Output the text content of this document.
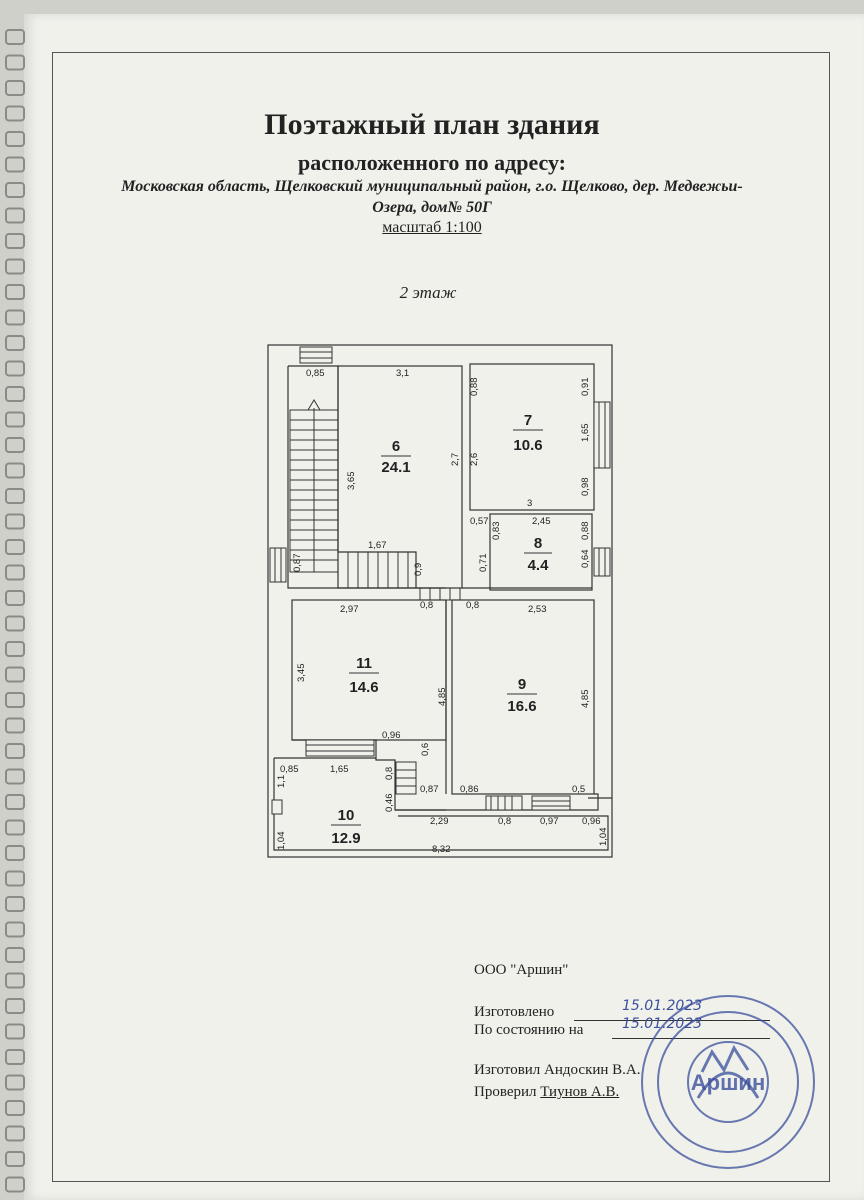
Поэтажный план здания
расположенного по адресу:
Московская область, Щелковский муниципальный район, г.о. Щелково, дер. Медвежьи-Озера, дом№ 50Г
масштаб 1:100
2 этаж
6
24.1
7
10.6
8
4.4
9
16.6
10
12.9
11
14.6
0,85	3,1
0,88	0,91
3,65
2,7 2,6
1,65
0,98
3
0,57 0,83	2,45	0,88
0,87
1,67
0,9	0,71	0,64
2,97	0,8	0,8	2,53
3,45
4,85	4,85
0,96
0,6
0,85
1,1
1,65	0,8
0,87 0,86	0,5
0,46
2,29	0,8	0,97 0,96
1,04	1,04
8,32
ООО "Аршин"
Изготовлено	15.01.2023
По состоянию на	15.01.2023
Изготовил Андоскин В.А.
Проверил Тиунов А.В.	Аршин
